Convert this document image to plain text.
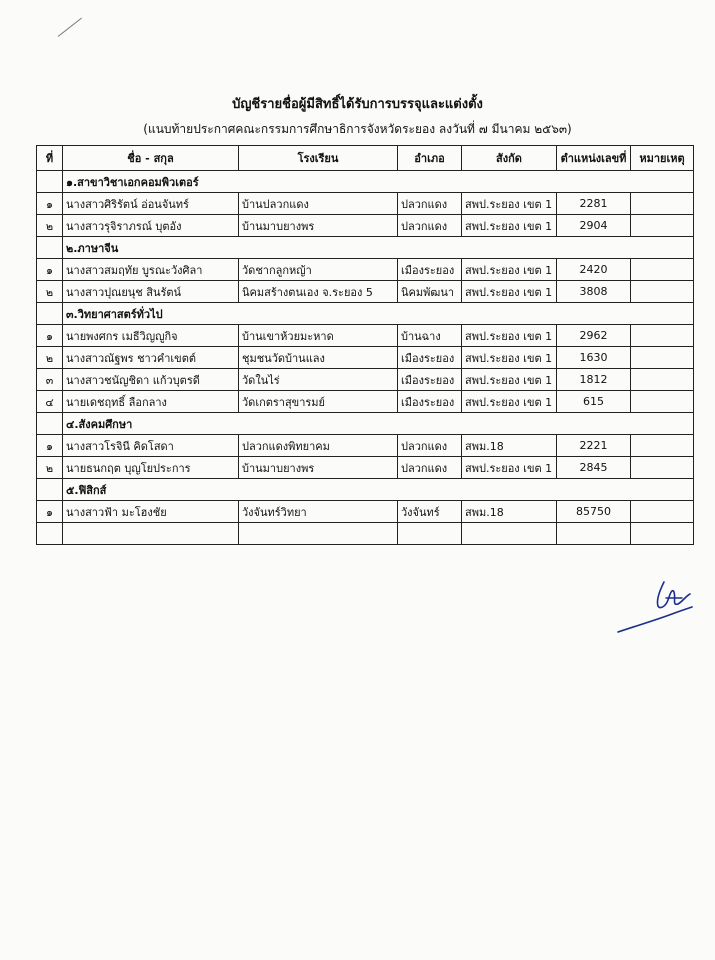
บัญชีรายชื่อผู้มีสิทธิ์ได้รับการบรรจุและแต่งตั้ง
(แนบท้ายประกาศคณะกรรมการศึกษาธิการจังหวัดระยอง ลงวันที่ ๗ มีนาคม ๒๕๖๓)
ที่	ชื่อ - สกุล	โรงเรียน	อำเภอ	สังกัด	ตำแหน่งเลขที่	หมายเหตุ
	๑.สาขาวิชาเอกคอมพิวเตอร์					
๑	นางสาวศิริรัตน์ อ่อนจันทร์	บ้านปลวกแดง	ปลวกแดง	สพป.ระยอง เขต 1	2281	
๒	นางสาวรุจิราภรณ์ บุตอัง	บ้านมาบยางพร	ปลวกแดง	สพป.ระยอง เขต 1	2904	
	๒.ภาษาจีน					
๑	นางสาวสมฤทัย บูรณะวังศิลา	วัดชากลูกหญ้า	เมืองระยอง	สพป.ระยอง เขต 1	2420	
๒	นางสาวปุณยนุช สินรัตน์	นิคมสร้างตนเอง จ.ระยอง 5	นิคมพัฒนา	สพป.ระยอง เขต 1	3808	
	๓.วิทยาศาสตร์ทั่วไป					
๑	นายพงศกร เมธีวิญญูกิจ	บ้านเขาห้วยมะหาด	บ้านฉาง	สพป.ระยอง เขต 1	2962	
๒	นางสาวณัฐพร ชาวคำเขตต์	ชุมชนวัดบ้านแลง	เมืองระยอง	สพป.ระยอง เขต 1	1630	
๓	นางสาวชนัญชิดา แก้วบุตรดี	วัดในไร่	เมืองระยอง	สพป.ระยอง เขต 1	1812	
๔	นายเดชฤทธิ์ ลือกลาง	วัดเกตราสุขารมย์	เมืองระยอง	สพป.ระยอง เขต 1	615	
	๔.สังคมศึกษา					
๑	นางสาวโรจินี คิดโสดา	ปลวกแดงพิทยาคม	ปลวกแดง	สพม.18	2221	
๒	นายธนกฤต บุญโยประการ	บ้านมาบยางพร	ปลวกแดง	สพป.ระยอง เขต 1	2845	
	๕.ฟิสิกส์					
๑	นางสาวฟ้า มะโฮงชัย	วังจันทร์วิทยา	วังจันทร์	สพม.18	85750	
